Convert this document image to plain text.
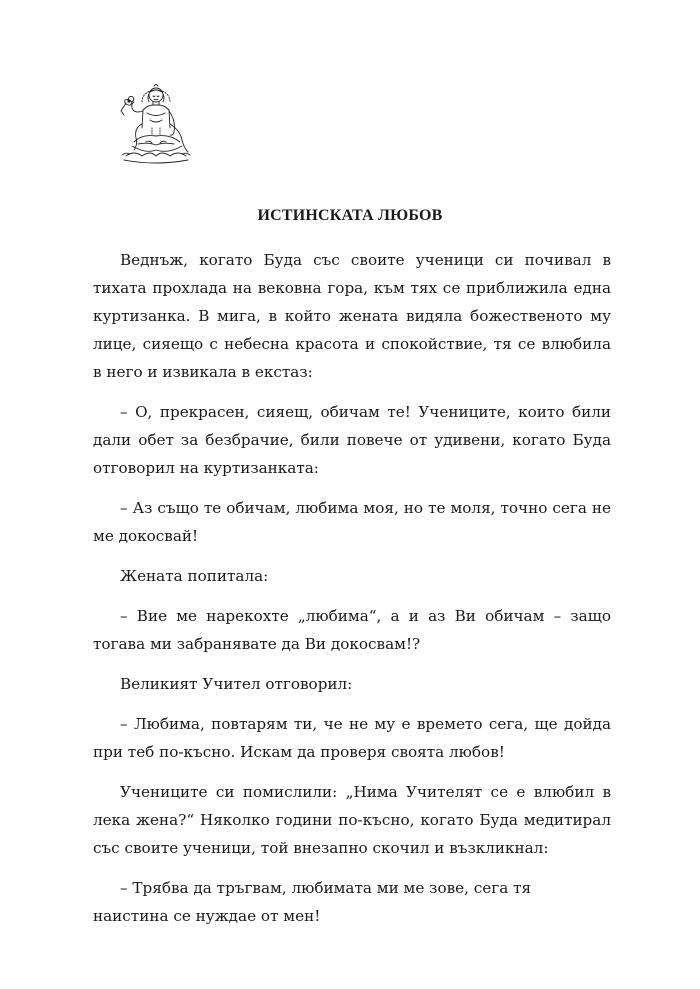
ИСТИНСКАТА ЛЮБОВ

Веднъж, когато Буда със своите ученици си почивал в тихата прохлада на вековна гора, към тях се приближила една куртизанка. В мига, в който жената видяла божественото му лице, сияещо с небесна красота и спокойствие, тя се влюбила в него и извикала в екстаз:

– О, прекрасен, сияещ, обичам те! Учениците, които били дали обет за безбрачие, били повече от удивени, когато Буда отговорил на куртизанката:

– Аз също те обичам, любима моя, но те моля, точно сега не ме докосвай!

Жената попитала:

– Вие ме нарекохте „любима“, а и аз Ви обичам – защо тогава ми забранявате да Ви докосвам!?

Великият Учител отговорил:

– Любима, повтарям ти, че не му е времето сега, ще дойда при теб по-късно. Искам да проверя своята любов!

Учениците си помислили: „Нима Учителят се е влюбил в лека жена?“ Няколко години по-късно, когато Буда медитирал със своите ученици, той внезапно скочил и възкликнал:

– Трябва да тръгвам, любимата ми ме зове, сега тя наистина се нуждае от мен!
